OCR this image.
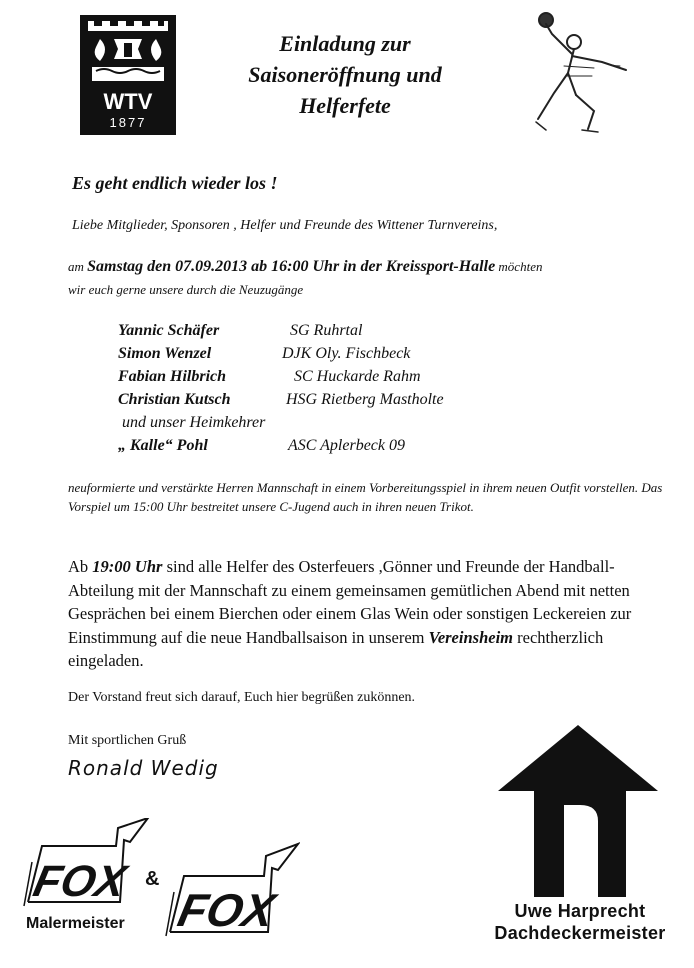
WTV
1877
Einladung zur
Saisoneröffnung und
Helferfete
Es geht endlich wieder los !
Liebe Mitglieder, Sponsoren , Helfer und Freunde des Wittener Turnvereins,
am Samstag den 07.09.2013 ab 16:00 Uhr in der Kreissport-Halle möchten
wir euch gerne unsere durch die Neuzugänge
Yannic Schäfer	SG Ruhrtal
Simon Wenzel	DJK Oly. Fischbeck
Fabian Hilbrich	SC Huckarde Rahm
Christian Kutsch	HSG Rietberg Mastholte
und unser Heimkehrer
„ Kalle“ Pohl	ASC Aplerbeck 09
neuformierte und verstärkte Herren Mannschaft in einem Vorbereitungsspiel in ihrem neuen Outfit vorstellen. Das Vorspiel um 15:00 Uhr bestreitet unsere C-Jugend auch in ihren neuen Trikot.
Ab 19:00 Uhr sind alle Helfer des Osterfeuers ,Gönner und Freunde der Handball-Abteilung mit der Mannschaft zu einem gemeinsamen gemütlichen Abend mit netten Gesprächen bei einem Bierchen oder einem Glas Wein oder sonstigen Leckereien zur Einstimmung auf die neue Handballsaison in unserem Vereinsheim rechtherzlich eingeladen.
Der Vorstand freut sich darauf, Euch hier begrüßen zukönnen.
Mit sportlichen Gruß
Ronald Wedig
FOX &
FOX
Malermeister
Uwe Harprecht
Dachdeckermeister
